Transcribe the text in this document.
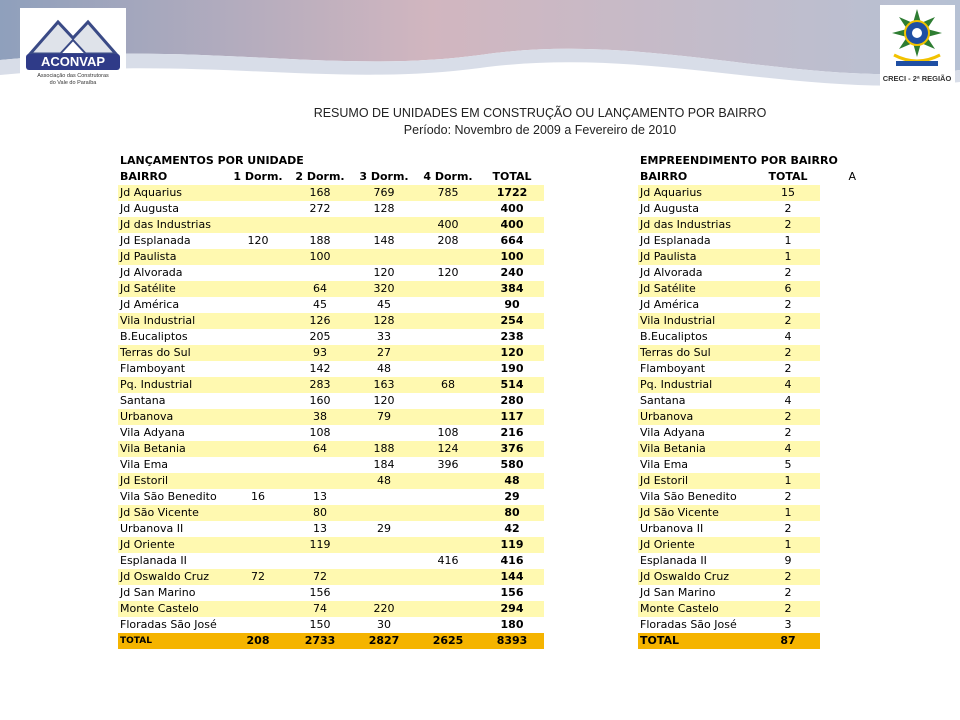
ACONVAP
Associação das Construtoras
do Vale do Paraíba	CRECI - 2ª REGIÃO
RESUMO DE UNIDADES EM CONSTRUÇÃO OU LANÇAMENTO POR BAIRRO
Período: Novembro de 2009 a Fevereiro de 2010
LANÇAMENTOS POR UNIDADE					
BAIRRO	1 Dorm.	2 Dorm.	3 Dorm.	4 Dorm.	TOTAL
Jd Aquarius		168	769	785	1722
Jd Augusta		272	128		400
Jd das Industrias				400	400
Jd Esplanada	120	188	148	208	664
Jd Paulista		100			100
Jd Alvorada			120	120	240
Jd Satélite		64	320		384
Jd América		45	45		90
Vila Industrial		126	128		254
B.Eucaliptos		205	33		238
Terras do Sul		93	27		120
Flamboyant		142	48		190
Pq. Industrial		283	163	68	514
Santana		160	120		280
Urbanova		38	79		117
Vila Adyana		108		108	216
Vila Betania		64	188	124	376
Vila Ema			184	396	580
Jd Estoril			48		48
Vila São Benedito	16	13			29
Jd São Vicente		80			80
Urbanova II		13	29		42
Jd Oriente		119			119
Esplanada II				416	416
Jd Oswaldo Cruz	72	72			144
Jd San Marino		156			156
Monte Castelo		74	220		294
Floradas São José		150	30		180
TOTAL	208	2733	2827	2625	8393
EMPREENDIMENTO POR BAIRRO		
BAIRRO	TOTAL	A
Jd Aquarius	15	
Jd Augusta	2	
Jd das Industrias	2	
Jd Esplanada	1	
Jd Paulista	1	
Jd Alvorada	2	
Jd Satélite	6	
Jd América	2	
Vila Industrial	2	
B.Eucaliptos	4	
Terras do Sul	2	
Flamboyant	2	
Pq. Industrial	4	
Santana	4	
Urbanova	2	
Vila Adyana	2	
Vila Betania	4	
Vila Ema	5	
Jd Estoril	1	
Vila São Benedito	2	
Jd São Vicente	1	
Urbanova II	2	
Jd Oriente	1	
Esplanada II	9	
Jd Oswaldo Cruz	2	
Jd San Marino	2	
Monte Castelo	2	
Floradas São José	3	
TOTAL	87	
